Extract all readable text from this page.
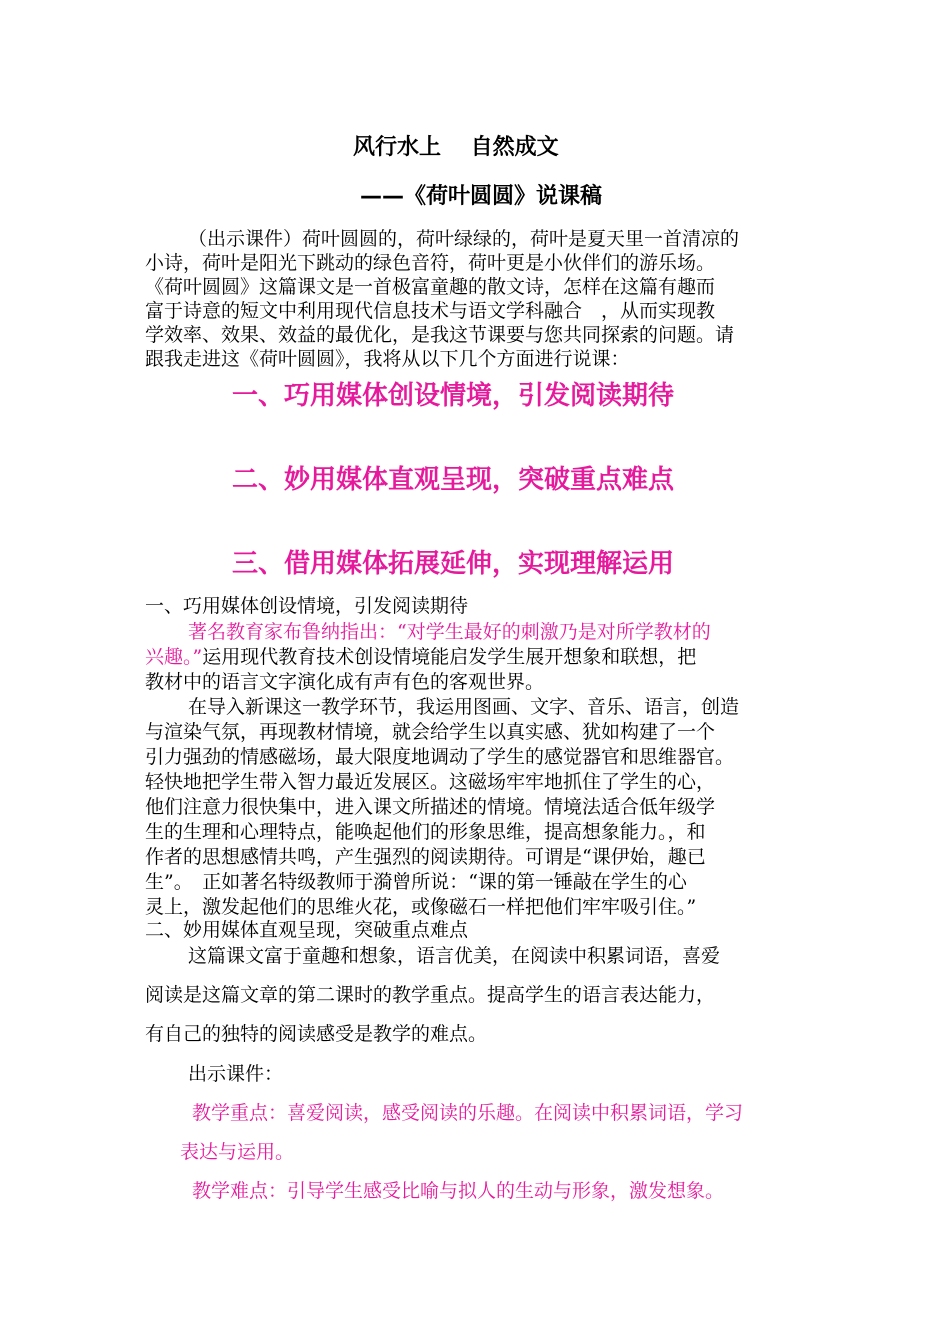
风行水上　 自然成文
——《荷叶圆圆》说课稿
（出示课件）荷叶圆圆的，荷叶绿绿的，荷叶是夏天里一首清凉的
小诗，荷叶是阳光下跳动的绿色音符，荷叶更是小伙伴们的游乐场。
《荷叶圆圆》这篇课文是一首极富童趣的散文诗，怎样在这篇有趣而
富于诗意的短文中利用现代信息技术与语文学科融合　，从而实现教
学效率、效果、效益的最优化，是我这节课要与您共同探索的问题。请
跟我走进这《荷叶圆圆》，我将从以下几个方面进行说课：
一、巧用媒体创设情境，引发阅读期待
二、妙用媒体直观呈现，突破重点难点
三、借用媒体拓展延伸，实现理解运用
一、巧用媒体创设情境，引发阅读期待
著名教育家布鲁纳指出：“对学生最好的刺激乃是对所学教材的
兴趣。”运用现代教育技术创设情境能启发学生展开想象和联想，把
教材中的语言文字演化成有声有色的客观世界。
在导入新课这一教学环节，我运用图画、文字、音乐、语言，创造
与渲染气氛，再现教材情境，就会给学生以真实感、犹如构建了一个
引力强劲的情感磁场，最大限度地调动了学生的感觉器官和思维器官。
轻快地把学生带入智力最近发展区。这磁场牢牢地抓住了学生的心，
他们注意力很快集中，进入课文所描述的情境。情境法适合低年级学
生的生理和心理特点，能唤起他们的形象思维，提高想象能力。，和
作者的思想感情共鸣，产生强烈的阅读期待。可谓是“课伊始，趣已
生”。　正如著名特级教师于漪曾所说：“课的第一锤敲在学生的心
灵上，激发起他们的思维火花，或像磁石一样把他们牢牢吸引住。”
二、妙用媒体直观呈现，突破重点难点
这篇课文富于童趣和想象，语言优美，在阅读中积累词语，喜爱
阅读是这篇文章的第二课时的教学重点。提高学生的语言表达能力，
有自己的独特的阅读感受是教学的难点。
出示课件：
教学重点：喜爱阅读，感受阅读的乐趣。在阅读中积累词语，学习
表达与运用。
教学难点：引导学生感受比喻与拟人的生动与形象，激发想象。
